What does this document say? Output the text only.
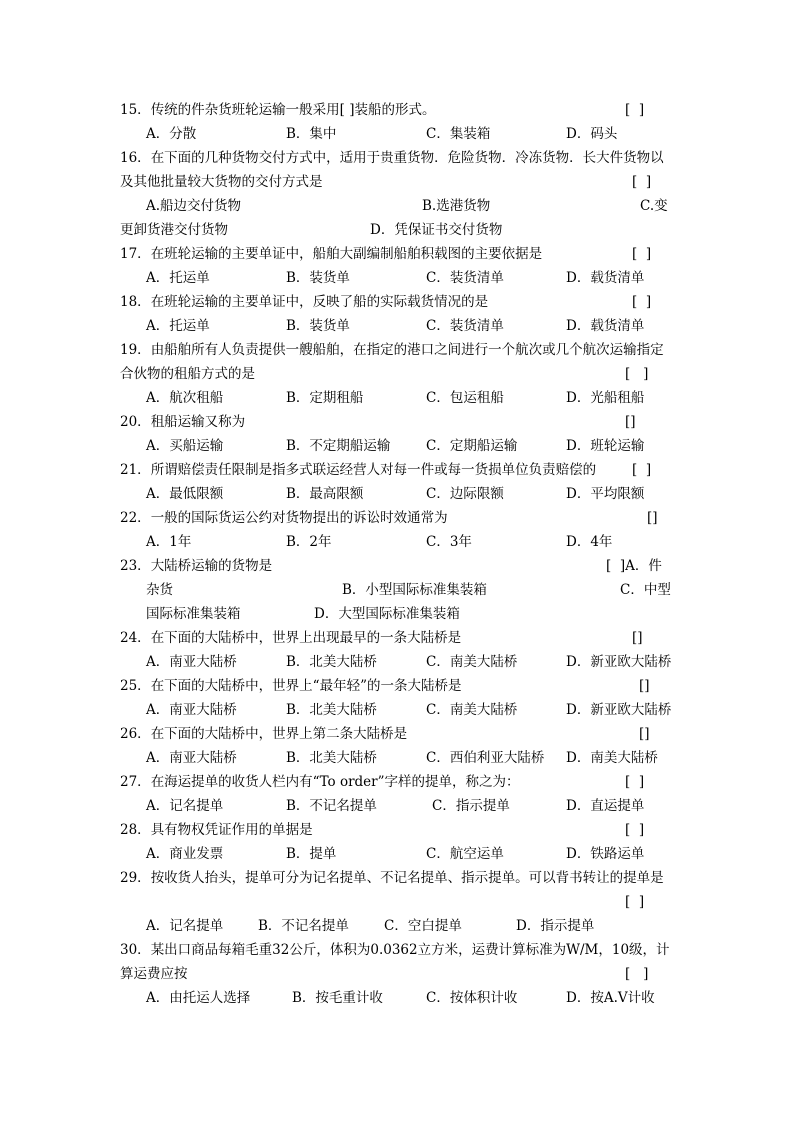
15．传统的件杂货班轮运输一般采用[ ]装船的形式。	[  ]
A．分散	B．集中	C．集装箱	D．码头
16．在下面的几种货物交付方式中，适用于贵重货物．危险货物．冷冻货物．长大件货物以
及其他批量较大货物的交付方式是	[  ]
A.船边交付货物	B.选港货物	C.变
更卸货港交付货物	D．凭保证书交付货物
17．在班轮运输的主要单证中，船舶大副编制船舶积载图的主要依据是	[  ]
A．托运单	B．装货单	C．装货清单	D．载货清单
18．在班轮运输的主要单证中，反映了船的实际载货情况的是	[  ]
A．托运单	B．装货单	C．装货清单	D．载货清单
19．由船舶所有人负责提供一艘船舶，在指定的港口之间进行一个航次或几个航次运输指定
合伙物的租船方式的是	[   ]
A．航次租船	B．定期租船	C．包运租船	D．光船租船
20．租船运输又称为	[]
A．买船运输	B．不定期船运输	C．定期船运输	D．班轮运输
21．所谓赔偿责任限制是指多式联运经营人对每一件或每一货损单位负责赔偿的	[  ]
A．最低限额	B．最高限额	C．边际限额	D．平均限额
22．一般的国际货运公约对货物提出的诉讼时效通常为	[]
A．1年	B．2年	C．3年	D．4年
23．大陆桥运输的货物是	[  ]A．件
杂货	B．小型国际标准集装箱	C．中型
国际标准集装箱	D．大型国际标准集装箱
24．在下面的大陆桥中，世界上出现最早的一条大陆桥是	[]
A．南亚大陆桥	B．北美大陆桥	C．南美大陆桥	D．新亚欧大陆桥
25．在下面的大陆桥中，世界上“最年轻”的一条大陆桥是	[]
A．南亚大陆桥	B．北美大陆桥	C．南美大陆桥	D．新亚欧大陆桥
26．在下面的大陆桥中，世界上第二条大陆桥是	[]
A．南亚大陆桥	B．北美大陆桥	C．西伯利亚大陆桥 D．南美大陆桥
27．在海运提单的收货人栏内有“To order”字样的提单，称之为：	[  ]
A．记名提单	B．不记名提单	C．指示提单	D．直运提单
28．具有物权凭证作用的单据是	[  ]
A．商业发票	B．提单	C．航空运单	D．铁路运单
29．按收货人抬头，提单可分为记名提单、不记名提单、指示提单。可以背书转让的提单是
[  ]
A．记名提单	B．不记名提单	C．空白提单	D．指示提单
30．某出口商品每箱毛重32公斤，体积为0.0362立方米，运费计算标准为W/M，10级，计
算运费应按	[   ]
A．由托运人选择	B．按毛重计收	C．按体积计收	D．按A.V计收
